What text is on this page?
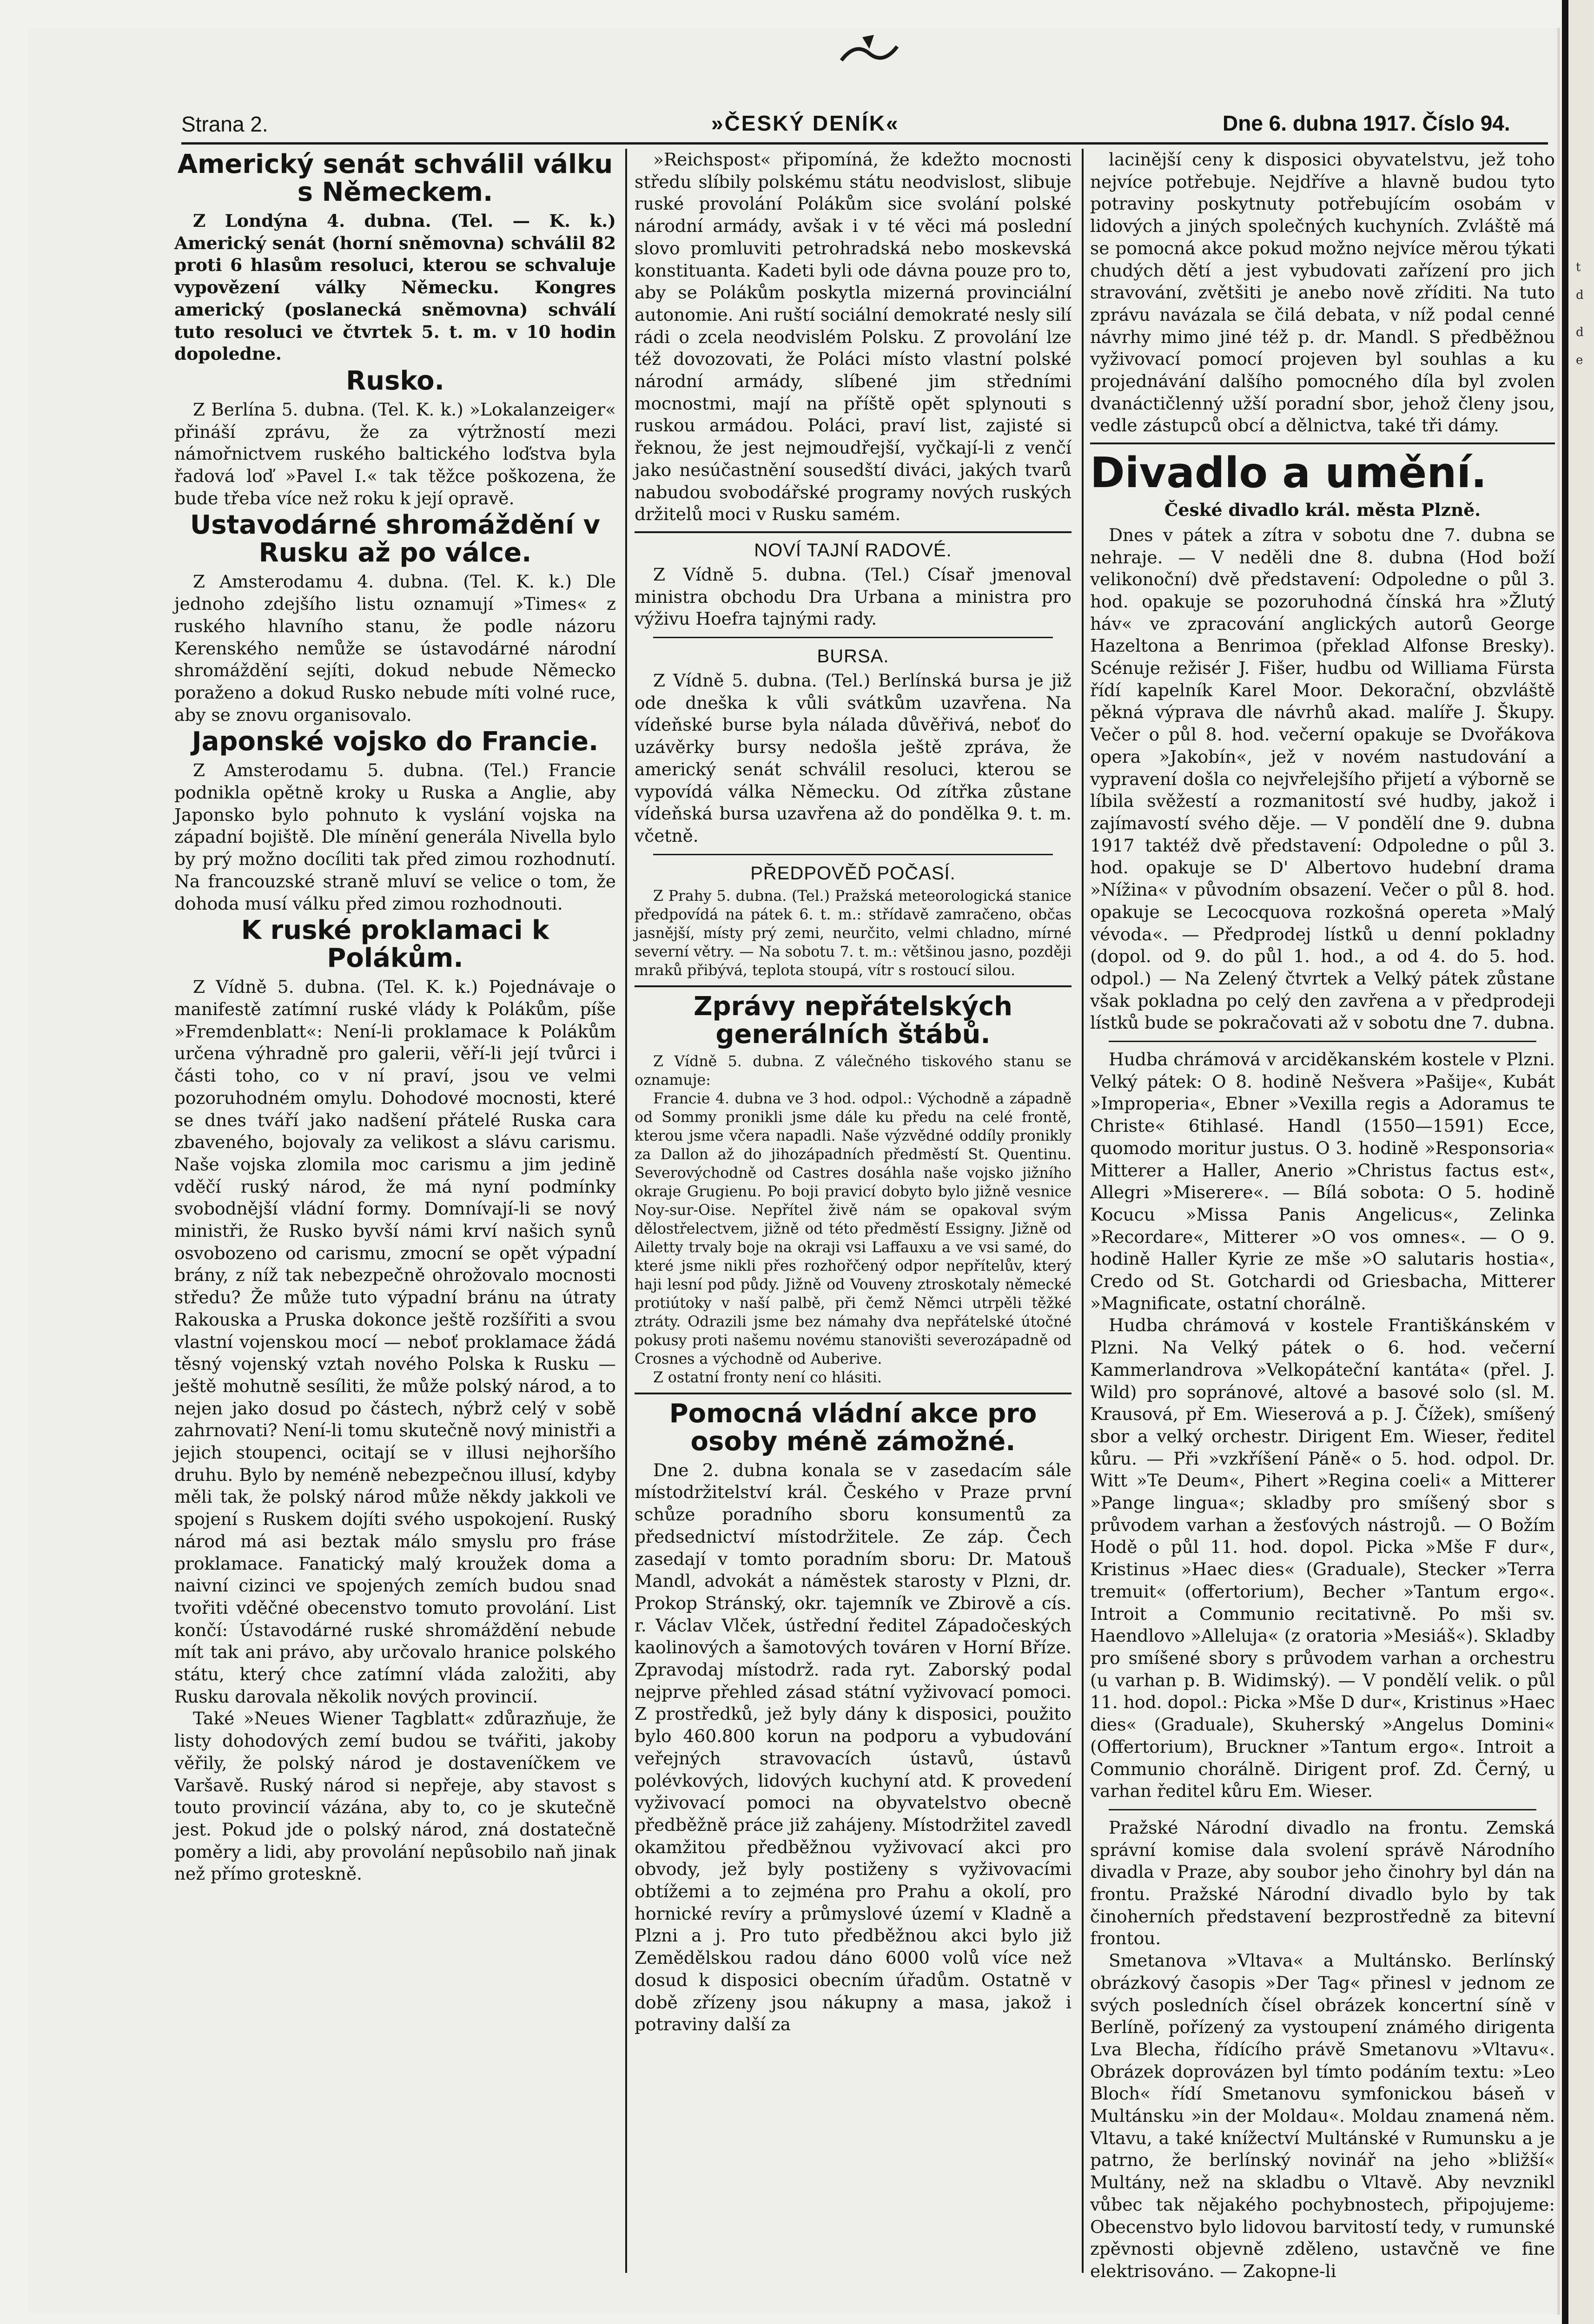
t
d
d
e
Strana 2.	»ČESKÝ DENÍK«	Dne 6. dubna 1917. Číslo 94.
Americký senát schválil válku s Německem.

Z Londýna 4. dubna. (Tel. — K. k.) Americký senát (horní sněmovna) schválil 82 proti 6 hlasům resoluci, kterou se schvaluje vypovězení války Německu. Kongres americký (poslanecká sněmovna) schválí tuto resoluci ve čtvrtek 5. t. m. v 10 hodin dopoledne.

Rusko.

Z Berlína 5. dubna. (Tel. K. k.) »Lokalanzeiger« přináší zprávu, že za výtržností mezi námořnictvem ruského baltického loďstva byla řadová loď »Pavel I.« tak těžce poškozena, že bude třeba více než roku k její opravě.

Ustavodárné shromáždění v Rusku až po válce.

Z Amsterodamu 4. dubna. (Tel. K. k.) Dle jednoho zdejšího listu oznamují »Times« z ruského hlavního stanu, že podle názoru Kerenského nemůže se ústavodárné národní shromáždění sejíti, dokud nebude Německo poraženo a dokud Rusko nebude míti volné ruce, aby se znovu organisovalo.

Japonské vojsko do Francie.

Z Amsterodamu 5. dubna. (Tel.) Francie podnikla opětně kroky u Ruska a Anglie, aby Japonsko bylo pohnuto k vyslání vojska na západní bojiště. Dle mínění generála Nivella bylo by prý možno docíliti tak před zimou rozhodnutí. Na francouzské straně mluví se velice o tom, že dohoda musí válku před zimou rozhodnouti.

K ruské proklamaci k Polákům.

Z Vídně 5. dubna. (Tel. K. k.) Pojednávaje o manifestě zatímní ruské vlády k Polákům, píše »Fremdenblatt«: Není-li proklamace k Polákům určena výhradně pro galerii, věří-li její tvůrci i části toho, co v ní praví, jsou ve velmi pozoruhodném omylu. Dohodové mocnosti, které se dnes tváří jako nadšení přátelé Ruska cara zbaveného, bojovaly za velikost a slávu carismu. Naše vojska zlomila moc carismu a jim jedině vděčí ruský národ, že má nyní podmínky svobodnější vládní formy. Domnívají-li se nový ministři, že Rusko byvší námi krví našich synů osvobozeno od carismu, zmocní se opět výpadní brány, z níž tak nebezpečně ohrožovalo mocnosti středu? Že může tuto výpadní bránu na útraty Rakouska a Pruska dokonce ještě rozšířiti a svou vlastní vojenskou mocí — neboť proklamace žádá těsný vojenský vztah nového Polska k Rusku — ještě mohutně sesíliti, že může polský národ, a to nejen jako dosud po částech, nýbrž celý v sobě zahrnovati? Není-li tomu skutečně nový ministři a jejich stoupenci, ocitají se v illusi nejhoršího druhu. Bylo by neméně nebezpečnou illusí, kdyby měli tak, že polský národ může někdy jakkoli ve spojení s Ruskem dojíti svého uspokojení. Ruský národ má asi beztak málo smyslu pro fráse proklamace. Fanatický malý kroužek doma a naivní cizinci ve spojených zemích budou snad tvořiti vděčné obecenstvo tomuto provolání. List končí: Ústavodárné ruské shromáždění nebude mít tak ani právo, aby určovalo hranice polského státu, který chce zatímní vláda založiti, aby Rusku darovala několik nových provincií.

Také »Neues Wiener Tagblatt« zdůrazňuje, že listy dohodových zemí budou se tvářiti, jakoby věřily, že polský národ je dostaveníčkem ve Varšavě. Ruský národ si nepřeje, aby stavost s touto provincií vázána, aby to, co je skutečně jest. Pokud jde o polský národ, zná dostatečně poměry a lidi, aby provolání nepůsobilo naň jinak než přímo groteskně.

»Reichspost« připomíná, že kdežto mocnosti středu slíbily polskému státu neodvislost, slibuje ruské provolání Polákům sice svolání polské národní armády, avšak i v té věci má poslední slovo promluviti petrohradská nebo moskevská konstituanta. Kadeti byli ode dávna pouze pro to, aby se Polákům poskytla mizerná provinciální autonomie. Ani ruští sociální demokraté nesly silí rádi o zcela neodvislém Polsku. Z provolání lze též dovozovati, že Poláci místo vlastní polské národní armády, slíbené jim středními mocnostmi, mají na příště opět splynouti s ruskou armádou. Poláci, praví list, zajisté si řeknou, že jest nejmoudřejší, vyčkají-li z venčí jako nesúčastnění sousedští diváci, jakých tvarů nabudou svobodářské programy nových ruských držitelů moci v Rusku samém.

NOVÍ TAJNÍ RADOVÉ.

Z Vídně 5. dubna. (Tel.) Císař jmenoval ministra obchodu Dra Urbana a ministra pro výživu Hoefra tajnými rady.

BURSA.

Z Vídně 5. dubna. (Tel.) Berlínská bursa je již ode dneška k vůli svátkům uzavřena. Na vídeňské burse byla nálada důvěřivá, neboť do uzávěrky bursy nedošla ještě zpráva, že americký senát schválil resoluci, kterou se vypovídá válka Německu. Od zítřka zůstane vídeňská bursa uzavřena až do pondělka 9. t. m. včetně.

PŘEDPOVĚĎ POČASÍ.

Z Prahy 5. dubna. (Tel.) Pražská meteorologická stanice předpovídá na pátek 6. t. m.: střídavě zamračeno, občas jasnější, místy prý zemi, neurčito, velmi chladno, mírné severní větry. — Na sobotu 7. t. m.: většinou jasno, později mraků přibývá, teplota stoupá, vítr s rostoucí silou.

Zprávy nepřátelských generálních štábů.

Z Vídně 5. dubna. Z válečného tiskového stanu se oznamuje:

Francie 4. dubna ve 3 hod. odpol.: Východně a západně od Sommy pronikli jsme dále ku předu na celé frontě, kterou jsme včera napadli. Naše výzvědné oddíly pronikly za Dallon až do jihozápadních předměstí St. Quentinu. Severovýchodně od Castres dosáhla naše vojsko jižního okraje Grugienu. Po boji pravicí dobyto bylo jižně vesnice Noy-sur-Oise. Nepřítel živě nám se opakoval svým dělostřelectvem, jižně od této předměstí Essigny. Jižně od Ailetty trvaly boje na okraji vsi Laffauxu a ve vsi samé, do které jsme nikli přes rozhořčený odpor nepřítelův, který haji lesní pod půdy. Jižně od Vouveny ztroskotaly německé protiútoky v naší palbě, při čemž Němci utrpěli těžké ztráty. Odrazili jsme bez námahy dva nepřátelské útočné pokusy proti našemu novému stanovišti severozápadně od Crosnes a východně od Auberive.

Z ostatní fronty není co hlásiti.

Pomocná vládní akce pro osoby méně zámožné.

Dne 2. dubna konala se v zasedacím sále místodržitelství král. Českého v Praze první schůze poradního sboru konsumentů za předsednictví místodržitele. Ze záp. Čech zasedají v tomto poradním sboru: Dr. Matouš Mandl, advokát a náměstek starosty v Plzni, dr. Prokop Stránský, okr. tajemník ve Zbirově a cís. r. Václav Vlček, ústřední ředitel Západočeských kaolinových a šamotových továren v Horní Bříze. Zpravodaj místodrž. rada ryt. Zaborský podal nejprve přehled zásad státní vyživovací pomoci. Z prostředků, jež byly dány k disposici, použito bylo 460.800 korun na podporu a vybudování veřejných stravovacích ústavů, ústavů polévkových, lidových kuchyní atd. K provedení vyživovací pomoci na obyvatelstvo obecně předběžně práce již zahájeny. Místodržitel zavedl okamžitou předběžnou vyživovací akci pro obvody, jež byly postiženy s vyživovacími obtížemi a to zejména pro Prahu a okolí, pro hornické revíry a průmyslové území v Kladně a Plzni a j. Pro tuto předběžnou akci bylo již Zemědělskou radou dáno 6000 volů více než dosud k disposici obecním úřadům. Ostatně v době zřízeny jsou nákupny a masa, jakož i potraviny další za

lacinější ceny k disposici obyvatelstvu, jež toho nejvíce potřebuje. Nejdříve a hlavně budou tyto potraviny poskytnuty potřebujícím osobám v lidových a jiných společných kuchyních. Zvláště má se pomocná akce pokud možno nejvíce měrou týkati chudých dětí a jest vybudovati zařízení pro jich stravování, zvětšiti je anebo nově zříditi. Na tuto zprávu navázala se čilá debata, v níž podal cenné návrhy mimo jiné též p. dr. Mandl. S předběžnou vyživovací pomocí projeven byl souhlas a ku projednávání dalšího pomocného díla byl zvolen dvanáctičlenný užší poradní sbor, jehož členy jsou, vedle zástupců obcí a dělnictva, také tři dámy.

Divadlo a umění.
České divadlo král. města Plzně.

Dnes v pátek a zítra v sobotu dne 7. dubna se nehraje. — V neděli dne 8. dubna (Hod boží velikonoční) dvě představení: Odpoledne o půl 3. hod. opakuje se pozoruhodná čínská hra »Žlutý háv« ve zpracování anglických autorů George Hazeltona a Benrimoa (překlad Alfonse Bresky). Scénuje režisér J. Fišer, hudbu od Williama Fürsta řídí kapelník Karel Moor. Dekorační, obzvláště pěkná výprava dle návrhů akad. malíře J. Škupy. Večer o půl 8. hod. večerní opakuje se Dvořákova opera »Jakobín«, jež v novém nastudování a vypravení došla co nejvřelejšího přijetí a výborně se líbila svěžestí a rozmanitostí své hudby, jakož i zajímavostí svého děje. — V pondělí dne 9. dubna 1917 taktéž dvě představení: Odpoledne o půl 3. hod. opakuje se D' Albertovo hudební drama »Nížina« v původním obsazení. Večer o půl 8. hod. opakuje se Lecocquova rozkošná opereta »Malý vévoda«. — Předprodej lístků u denní pokladny (dopol. od 9. do půl 1. hod., a od 4. do 5. hod. odpol.) — Na Zelený čtvrtek a Velký pátek zůstane však pokladna po celý den zavřena a v předprodeji lístků bude se pokračovati až v sobotu dne 7. dubna.

Hudba chrámová v arciděkanském kostele v Plzni. Velký pátek: O 8. hodině Nešvera »Pašije«, Kubát »Improperia«, Ebner »Vexilla regis a Adoramus te Christe« 6tihlasé. Handl (1550—1591) Ecce, quomodo moritur justus. O 3. hodině »Responsoria« Mitterer a Haller, Anerio »Christus factus est«, Allegri »Miserere«. — Bílá sobota: O 5. hodině Kocucu »Missa Panis Angelicus«, Zelinka »Recordare«, Mitterer »O vos omnes«. — O 9. hodině Haller Kyrie ze mše »O salutaris hostia«, Credo od St. Gotchardi od Griesbacha, Mitterer »Magnificate, ostatní chorálně.

Hudba chrámová v kostele Františkánském v Plzni. Na Velký pátek o 6. hod. večerní Kammerlandrova »Velkopáteční kantáta« (přel. J. Wild) pro sopránové, altové a basové solo (sl. M. Krausová, př Em. Wieserová a p. J. Čížek), smíšený sbor a velký orchestr. Dirigent Em. Wieser, ředitel kůru. — Při »vzkříšení Páně« o 5. hod. odpol. Dr. Witt »Te Deum«, Pihert »Regina coeli« a Mitterer »Pange lingua«; skladby pro smíšený sbor s průvodem varhan a žesťových nástrojů. — O Božím Hodě o půl 11. hod. dopol. Picka »Mše F dur«, Kristinus »Haec dies« (Graduale), Stecker »Terra tremuit« (offertorium), Becher »Tantum ergo«. Introit a Communio recitativně. Po mši sv. Haendlovo »Alleluja« (z oratoria »Mesiáš«). Skladby pro smíšené sbory s průvodem varhan a orchestru (u varhan p. B. Widimský). — V pondělí velik. o půl 11. hod. dopol.: Picka »Mše D dur«, Kristinus »Haec dies« (Graduale), Skuherský »Angelus Domini« (Offertorium), Bruckner »Tantum ergo«. Introit a Communio chorálně. Dirigent prof. Zd. Černý, u varhan ředitel kůru Em. Wieser.

Pražské Národní divadlo na frontu. Zemská správní komise dala svolení správě Národního divadla v Praze, aby soubor jeho činohry byl dán na frontu. Pražské Národní divadlo bylo by tak činoherních představení bezprostředně za bitevní frontou.

Smetanova »Vltava« a Multánsko. Berlínský obrázkový časopis »Der Tag« přinesl v jednom ze svých posledních čísel obrázek koncertní síně v Berlíně, pořízený za vystoupení známého dirigenta Lva Blecha, řídícího právě Smetanovu »Vltavu«. Obrázek doprovázen byl tímto podáním textu: »Leo Bloch« řídí Smetanovu symfonickou báseň v Multánsku »in der Moldau«. Moldau znamená něm. Vltavu, a také knížectví Multánské v Rumunsku a je patrno, že berlínský novinář na jeho »bližší« Multány, než na skladbu o Vltavě. Aby nevznikl vůbec tak nějakého pochybnostech, připojujeme: Obecenstvo bylo lidovou barvitostí tedy, v rumunské zpěvnosti objevně zděleno, ustavčně ve fine elektrisováno. — Zakopne-li
